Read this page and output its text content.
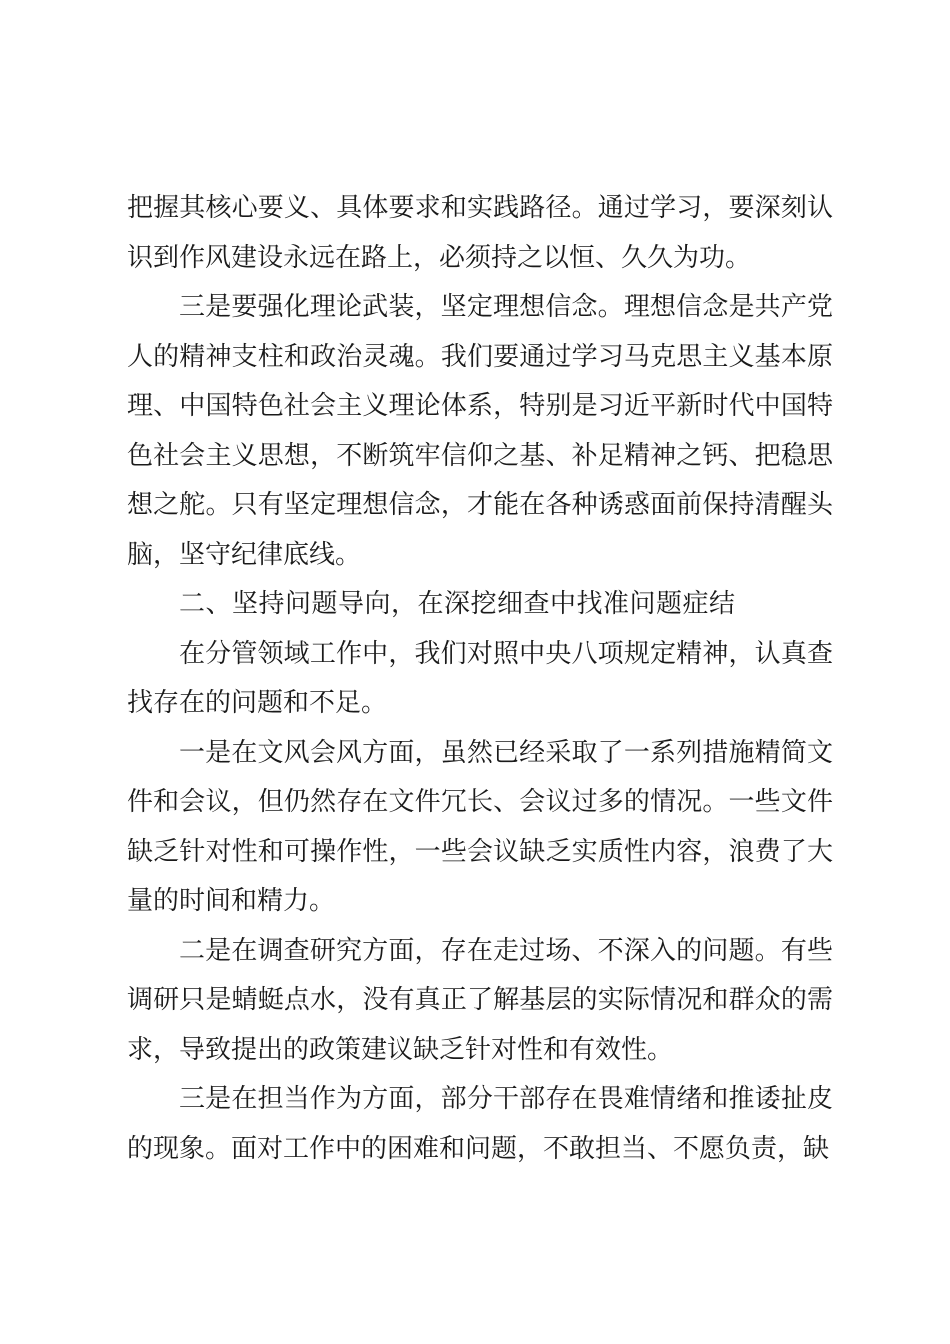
把握其核心要义、具体要求和实践路径。通过学习，要深刻认识到作风建设永远在路上，必须持之以恒、久久为功。

三是要强化理论武装，坚定理想信念。理想信念是共产党人的精神支柱和政治灵魂。我们要通过学习马克思主义基本原理、中国特色社会主义理论体系，特别是习近平新时代中国特色社会主义思想，不断筑牢信仰之基、补足精神之钙、把稳思想之舵。只有坚定理想信念，才能在各种诱惑面前保持清醒头脑，坚守纪律底线。

二、坚持问题导向，在深挖细查中找准问题症结

在分管领域工作中，我们对照中央八项规定精神，认真查找存在的问题和不足。

一是在文风会风方面，虽然已经采取了一系列措施精简文件和会议，但仍然存在文件冗长、会议过多的情况。一些文件缺乏针对性和可操作性，一些会议缺乏实质性内容，浪费了大量的时间和精力。

二是在调查研究方面，存在走过场、不深入的问题。有些调研只是蜻蜓点水，没有真正了解基层的实际情况和群众的需求，导致提出的政策建议缺乏针对性和有效性。

三是在担当作为方面，部分干部存在畏难情绪和推诿扯皮的现象。面对工作中的困难和问题，不敢担当、不愿负责，缺
